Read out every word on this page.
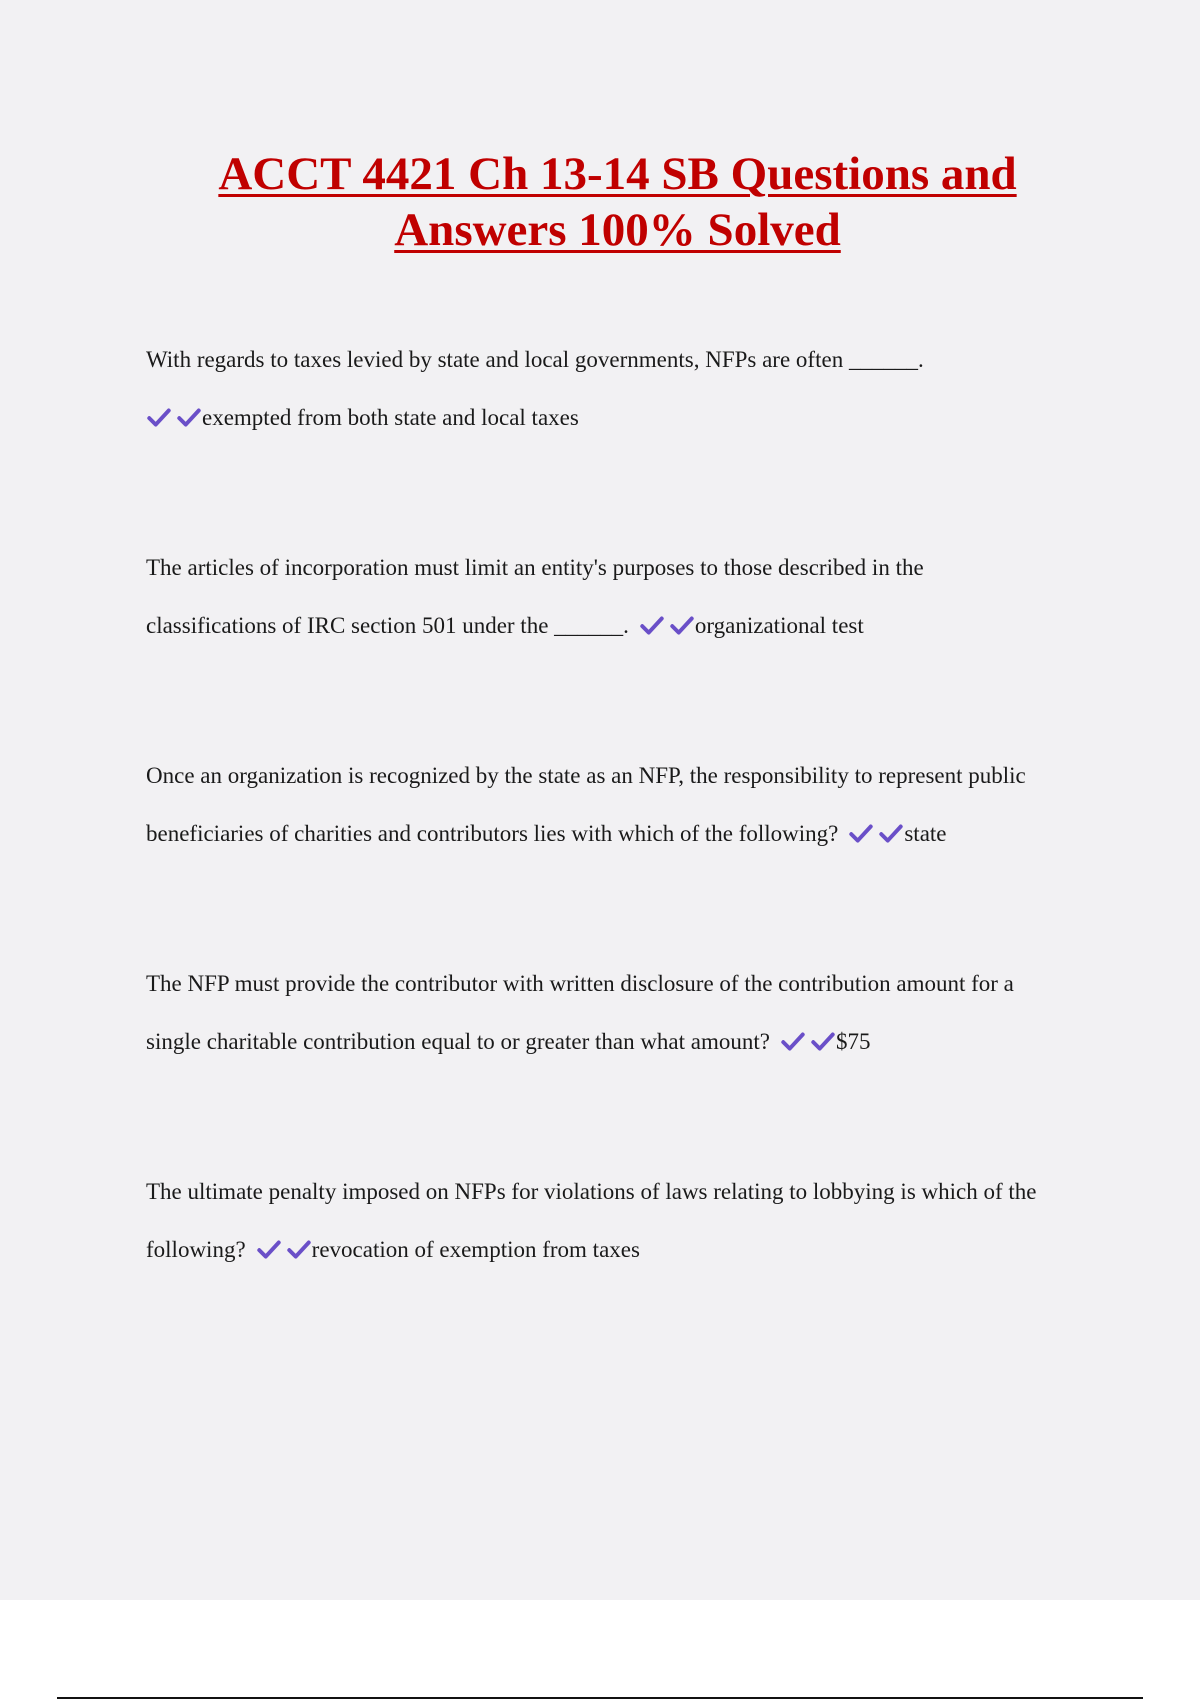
ACCT 4421 Ch 13-14 SB Questions and
Answers 100% Solved
With regards to taxes levied by state and local governments, NFPs are often ______.
exempted from both state and local taxes
The articles of incorporation must limit an entity's purposes to those described in the
classifications of IRC section 501 under the ______.	organizational test
Once an organization is recognized by the state as an NFP, the responsibility to represent public
beneficiaries of charities and contributors lies with which of the following?	state
The NFP must provide the contributor with written disclosure of the contribution amount for a
single charitable contribution equal to or greater than what amount?	$75
The ultimate penalty imposed on NFPs for violations of laws relating to lobbying is which of the
following?	revocation of exemption from taxes
